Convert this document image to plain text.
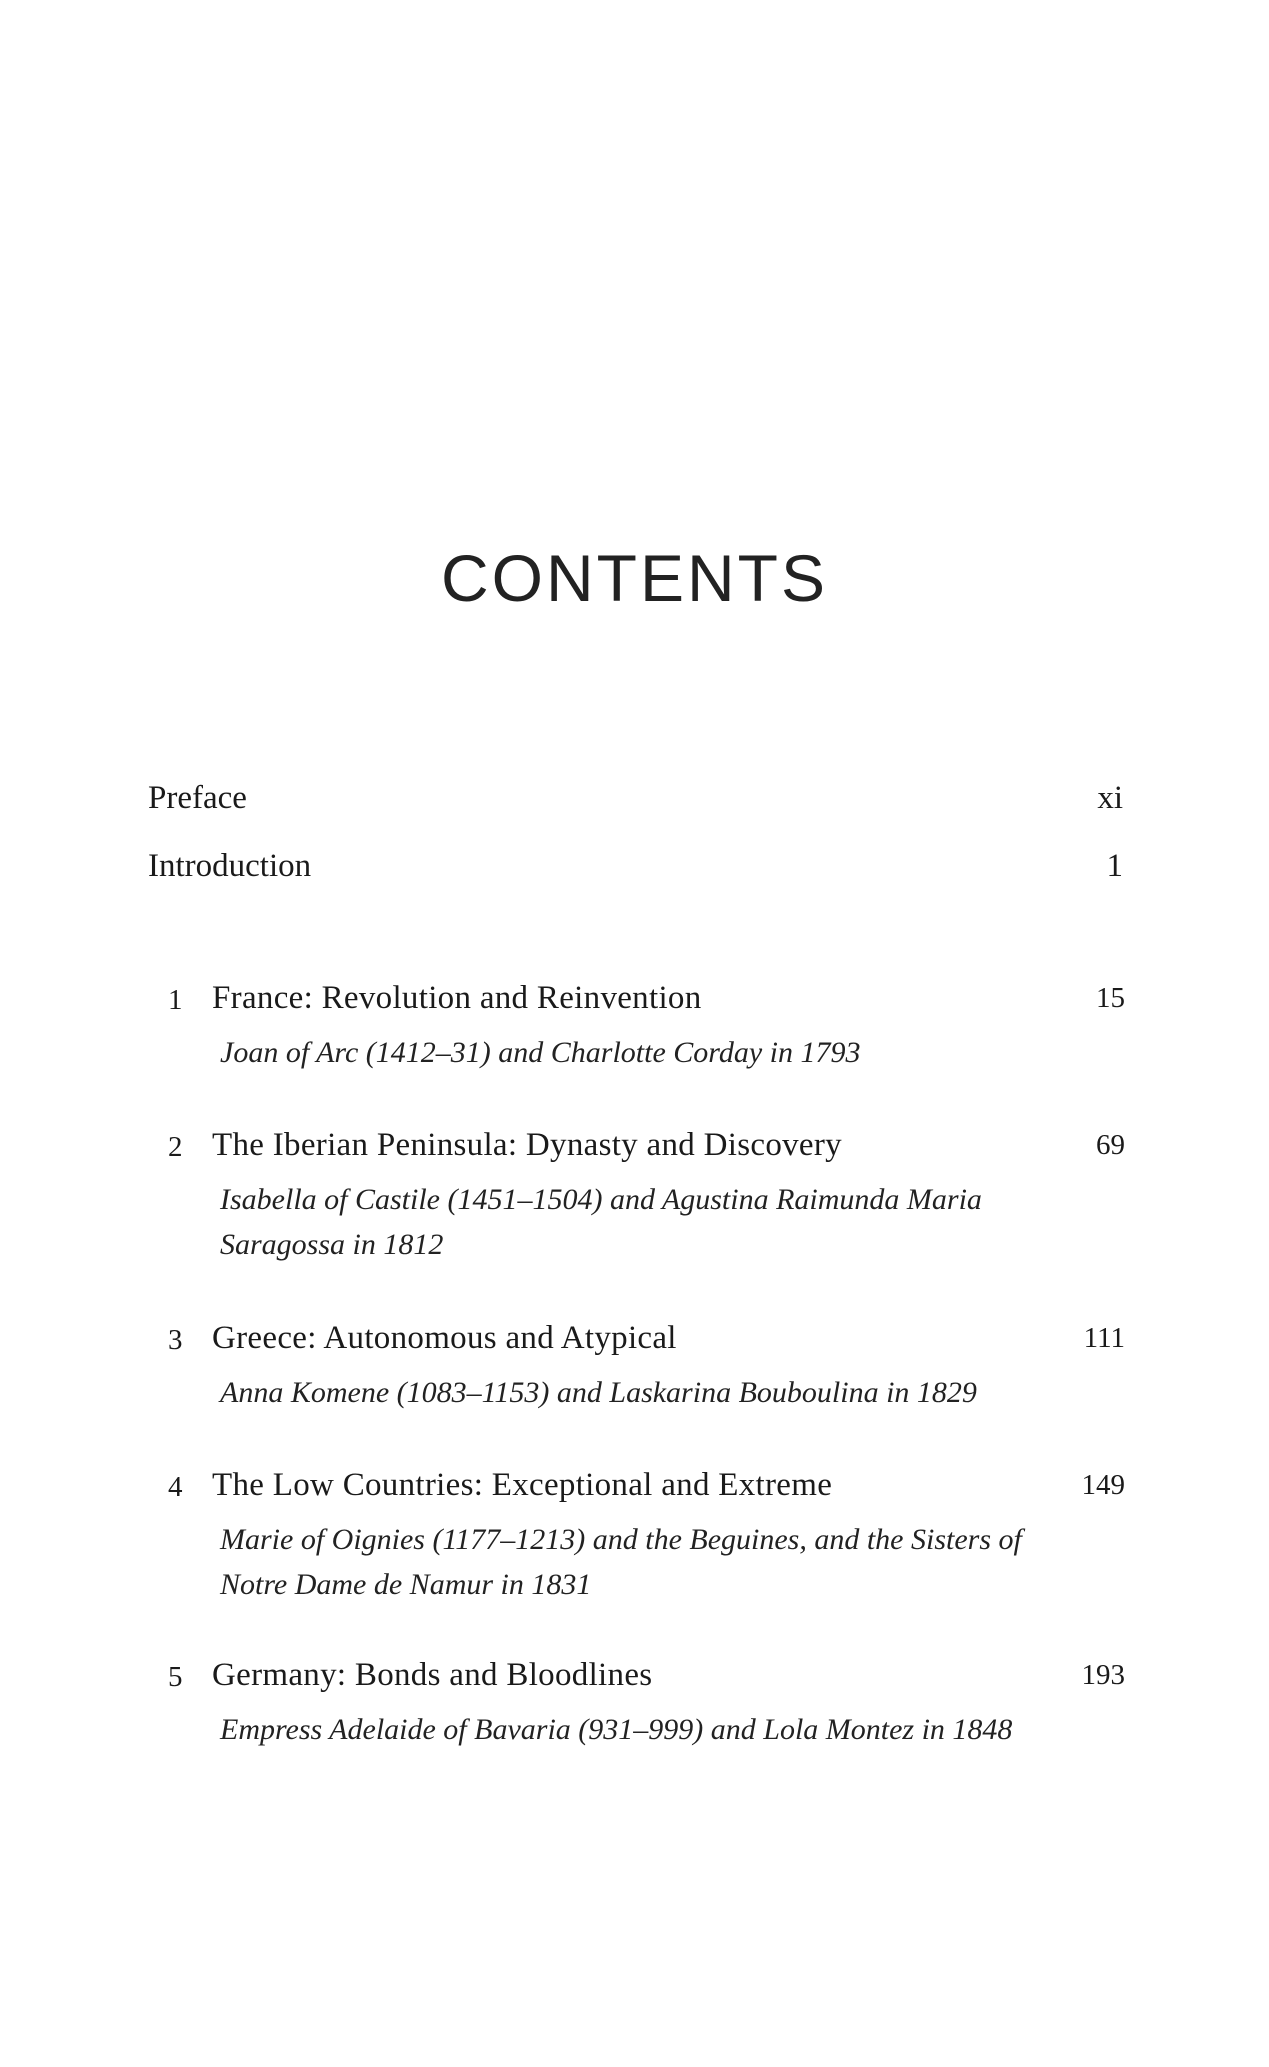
CONTENTS
Preface	xi
Introduction	1
1 France: Revolution and Reinvention	15
Joan of Arc (1412–31) and Charlotte Corday in 1793
2 The Iberian Peninsula: Dynasty and Discovery	69
Isabella of Castile (1451–1504) and Agustina Raimunda Maria Saragossa in 1812
3 Greece: Autonomous and Atypical	111
Anna Komene (1083–1153) and Laskarina Bouboulina in 1829
4 The Low Countries: Exceptional and Extreme	149
Marie of Oignies (1177–1213) and the Beguines, and the Sisters of Notre Dame de Namur in 1831
5 Germany: Bonds and Bloodlines	193
Empress Adelaide of Bavaria (931–999) and Lola Montez in 1848
